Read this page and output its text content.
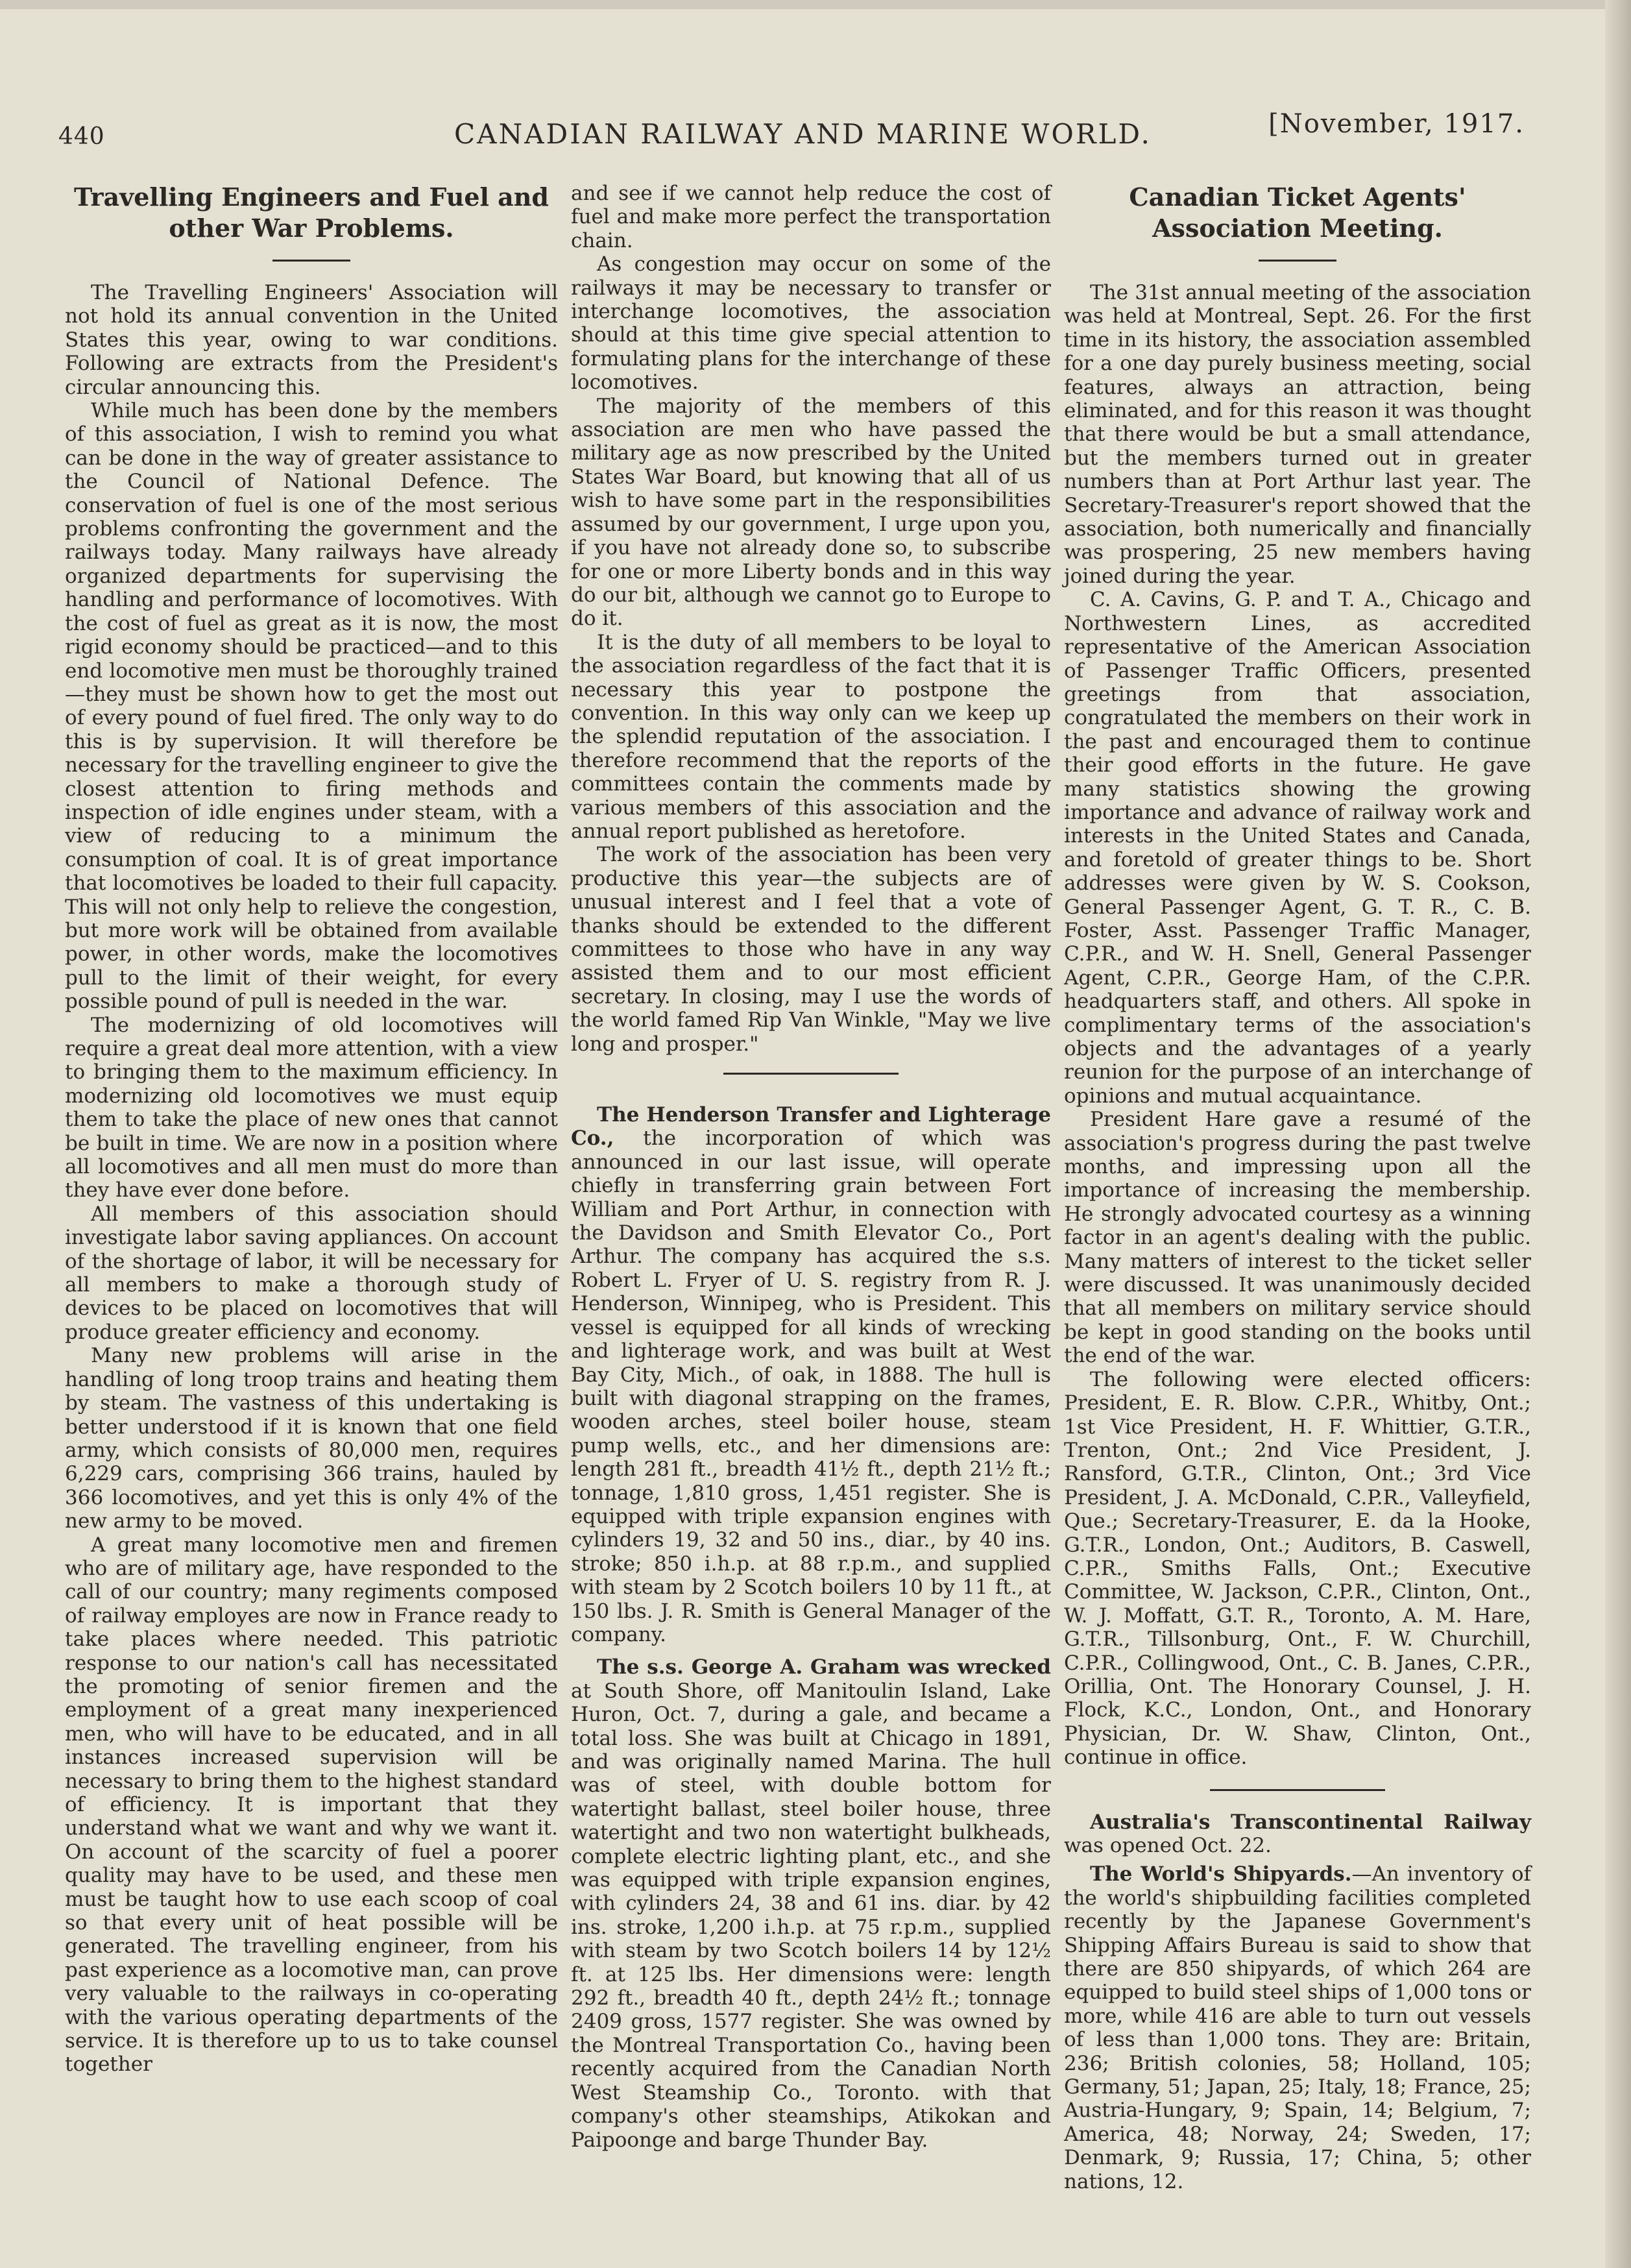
440	CANADIAN RAILWAY AND MARINE WORLD.	[November, 1917.
Travelling Engineers and Fuel and other War Problems.

The Travelling Engineers' Association will not hold its annual convention in the United States this year, owing to war conditions. Following are extracts from the President's circular announcing this.

While much has been done by the members of this association, I wish to remind you what can be done in the way of greater assistance to the Council of National Defence. The conservation of fuel is one of the most serious problems confronting the government and the railways today. Many railways have already organized departments for supervising the handling and performance of locomotives. With the cost of fuel as great as it is now, the most rigid economy should be practiced—and to this end locomotive men must be thoroughly trained—they must be shown how to get the most out of every pound of fuel fired. The only way to do this is by supervision. It will therefore be necessary for the travelling engineer to give the closest attention to firing methods and inspection of idle engines under steam, with a view of reducing to a minimum the consumption of coal. It is of great importance that locomotives be loaded to their full capacity. This will not only help to relieve the congestion, but more work will be obtained from available power, in other words, make the locomotives pull to the limit of their weight, for every possible pound of pull is needed in the war.

The modernizing of old locomotives will require a great deal more attention, with a view to bringing them to the maximum efficiency. In modernizing old locomotives we must equip them to take the place of new ones that cannot be built in time. We are now in a position where all locomotives and all men must do more than they have ever done before.

All members of this association should investigate labor saving appliances. On account of the shortage of labor, it will be necessary for all members to make a thorough study of devices to be placed on locomotives that will produce greater efficiency and economy.

Many new problems will arise in the handling of long troop trains and heating them by steam. The vastness of this undertaking is better understood if it is known that one field army, which consists of 80,000 men, requires 6,229 cars, comprising 366 trains, hauled by 366 locomotives, and yet this is only 4% of the new army to be moved.

A great many locomotive men and firemen who are of military age, have responded to the call of our country; many regiments composed of railway employes are now in France ready to take places where needed. This patriotic response to our nation's call has necessitated the promoting of senior firemen and the employment of a great many inexperienced men, who will have to be educated, and in all instances increased supervision will be necessary to bring them to the highest standard of efficiency. It is important that they understand what we want and why we want it. On account of the scarcity of fuel a poorer quality may have to be used, and these men must be taught how to use each scoop of coal so that every unit of heat possible will be generated. The travelling engineer, from his past experience as a locomotive man, can prove very valuable to the railways in co-operating with the various operating departments of the service. It is therefore up to us to take counsel together

and see if we cannot help reduce the cost of fuel and make more perfect the transportation chain.

As congestion may occur on some of the railways it may be necessary to transfer or interchange locomotives, the association should at this time give special attention to formulating plans for the interchange of these locomotives.

The majority of the members of this association are men who have passed the military age as now prescribed by the United States War Board, but knowing that all of us wish to have some part in the responsibilities assumed by our government, I urge upon you, if you have not already done so, to subscribe for one or more Liberty bonds and in this way do our bit, although we cannot go to Europe to do it.

It is the duty of all members to be loyal to the association regardless of the fact that it is necessary this year to postpone the convention. In this way only can we keep up the splendid reputation of the association. I therefore recommend that the reports of the committees contain the comments made by various members of this association and the annual report published as heretofore.

The work of the association has been very productive this year—the subjects are of unusual interest and I feel that a vote of thanks should be extended to the different committees to those who have in any way assisted them and to our most efficient secretary. In closing, may I use the words of the world famed Rip Van Winkle, "May we live long and prosper."

The Henderson Transfer and Lighterage Co., the incorporation of which was announced in our last issue, will operate chiefly in transferring grain between Fort William and Port Arthur, in connection with the Davidson and Smith Elevator Co., Port Arthur. The company has acquired the s.s. Robert L. Fryer of U. S. registry from R. J. Henderson, Winnipeg, who is President. This vessel is equipped for all kinds of wrecking and lighterage work, and was built at West Bay City, Mich., of oak, in 1888. The hull is built with diagonal strapping on the frames, wooden arches, steel boiler house, steam pump wells, etc., and her dimensions are: length 281 ft., breadth 41½ ft., depth 21½ ft.; tonnage, 1,810 gross, 1,451 register. She is equipped with triple expansion engines with cylinders 19, 32 and 50 ins., diar., by 40 ins. stroke; 850 i.h.p. at 88 r.p.m., and supplied with steam by 2 Scotch boilers 10 by 11 ft., at 150 lbs. J. R. Smith is General Manager of the company.

The s.s. George A. Graham was wrecked at South Shore, off Manitoulin Island, Lake Huron, Oct. 7, during a gale, and became a total loss. She was built at Chicago in 1891, and was originally named Marina. The hull was of steel, with double bottom for watertight ballast, steel boiler house, three watertight and two non watertight bulkheads, complete electric lighting plant, etc., and she was equipped with triple expansion engines, with cylinders 24, 38 and 61 ins. diar. by 42 ins. stroke, 1,200 i.h.p. at 75 r.p.m., supplied with steam by two Scotch boilers 14 by 12½ ft. at 125 lbs. Her dimensions were: length 292 ft., breadth 40 ft., depth 24½ ft.; tonnage 2409 gross, 1577 register. She was owned by the Montreal Transportation Co., having been recently acquired from the Canadian North West Steamship Co., Toronto. with that company's other steamships, Atikokan and Paipoonge and barge Thunder Bay.

Canadian Ticket Agents' Association Meeting.

The 31st annual meeting of the association was held at Montreal, Sept. 26. For the first time in its history, the association assembled for a one day purely business meeting, social features, always an attraction, being eliminated, and for this reason it was thought that there would be but a small attendance, but the members turned out in greater numbers than at Port Arthur last year. The Secretary-Treasurer's report showed that the association, both numerically and financially was prospering, 25 new members having joined during the year.

C. A. Cavins, G. P. and T. A., Chicago and Northwestern Lines, as accredited representative of the American Association of Passenger Traffic Officers, presented greetings from that association, congratulated the members on their work in the past and encouraged them to continue their good efforts in the future. He gave many statistics showing the growing importance and advance of railway work and interests in the United States and Canada, and foretold of greater things to be. Short addresses were given by W. S. Cookson, General Passenger Agent, G. T. R., C. B. Foster, Asst. Passenger Traffic Manager, C.P.R., and W. H. Snell, General Passenger Agent, C.P.R., George Ham, of the C.P.R. headquarters staff, and others. All spoke in complimentary terms of the association's objects and the advantages of a yearly reunion for the purpose of an interchange of opinions and mutual acquaintance.

President Hare gave a resumé of the association's progress during the past twelve months, and impressing upon all the importance of increasing the membership. He strongly advocated courtesy as a winning factor in an agent's dealing with the public. Many matters of interest to the ticket seller were discussed. It was unanimously decided that all members on military service should be kept in good standing on the books until the end of the war.

The following were elected officers: President, E. R. Blow. C.P.R., Whitby, Ont.; 1st Vice President, H. F. Whittier, G.T.R., Trenton, Ont.; 2nd Vice President, J. Ransford, G.T.R., Clinton, Ont.; 3rd Vice President, J. A. McDonald, C.P.R., Valleyfield, Que.; Secretary-Treasurer, E. da la Hooke, G.T.R., London, Ont.; Auditors, B. Caswell, C.P.R., Smiths Falls, Ont.; Executive Committee, W. Jackson, C.P.R., Clinton, Ont., W. J. Moffatt, G.T. R., Toronto, A. M. Hare, G.T.R., Tillsonburg, Ont., F. W. Churchill, C.P.R., Collingwood, Ont., C. B. Janes, C.P.R., Orillia, Ont. The Honorary Counsel, J. H. Flock, K.C., London, Ont., and Honorary Physician, Dr. W. Shaw, Clinton, Ont., continue in office.

Australia's Transcontinental Railway was opened Oct. 22.

The World's Shipyards.—An inventory of the world's shipbuilding facilities completed recently by the Japanese Government's Shipping Affairs Bureau is said to show that there are 850 shipyards, of which 264 are equipped to build steel ships of 1,000 tons or more, while 416 are able to turn out vessels of less than 1,000 tons. They are: Britain, 236; British colonies, 58; Holland, 105; Germany, 51; Japan, 25; Italy, 18; France, 25; Austria-Hungary, 9; Spain, 14; Belgium, 7; America, 48; Norway, 24; Sweden, 17; Denmark, 9; Russia, 17; China, 5; other nations, 12.
